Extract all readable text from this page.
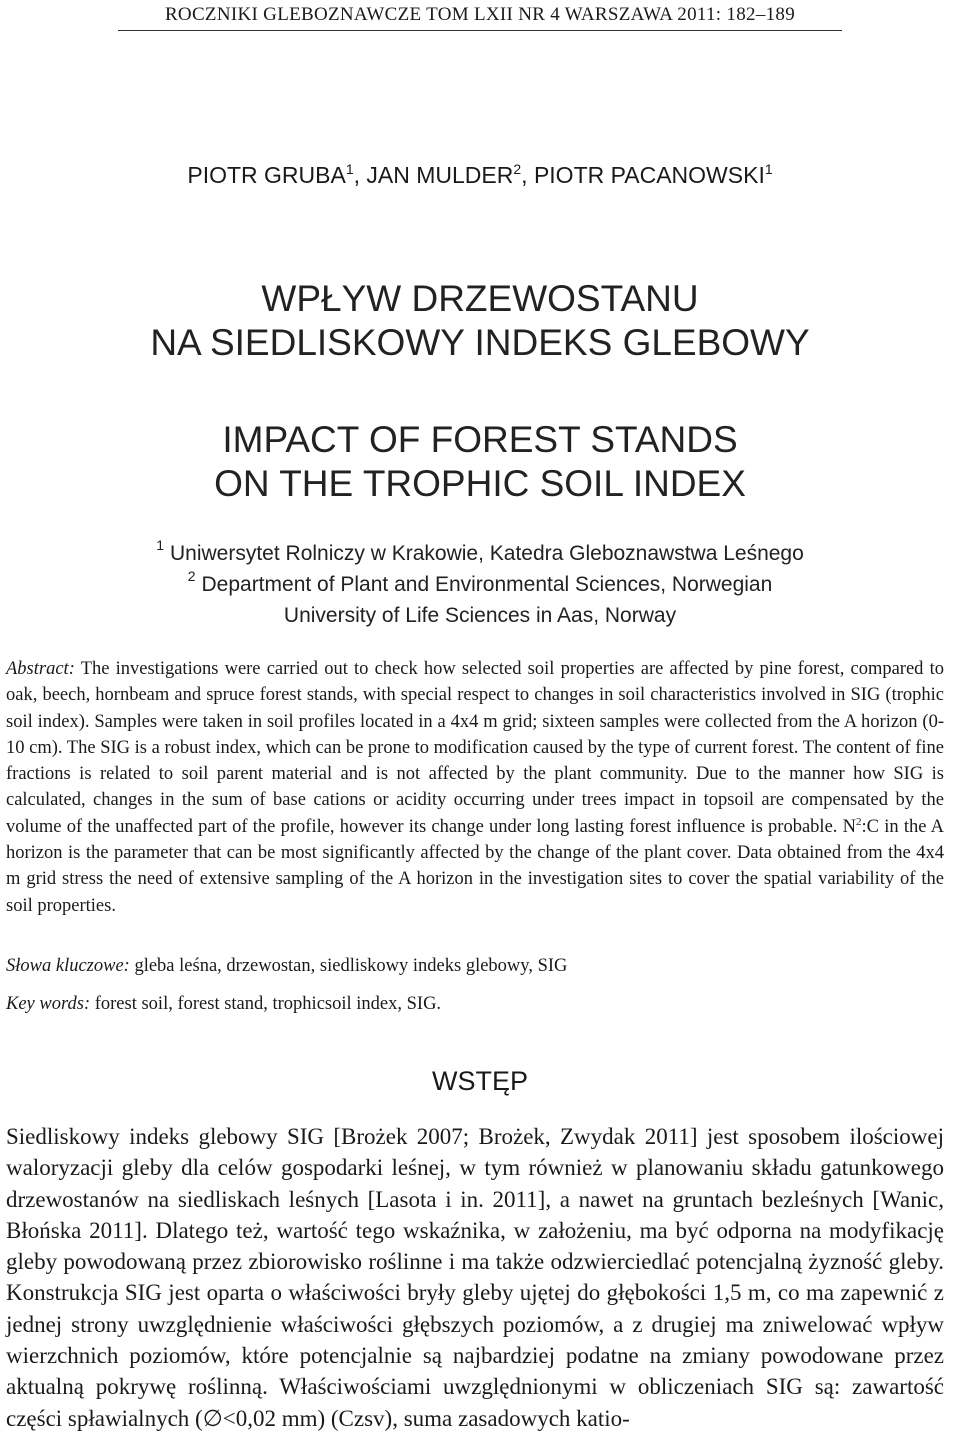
ROCZNIKI GLEBOZNAWCZE TOM LXII NR 4 WARSZAWA 2011: 182–189
PIOTR GRUBA$^1$, JAN MULDER$^2$, PIOTR PACANOWSKI$^1$
WPŁYW DRZEWOSTANU
NA SIEDLISKOWY INDEKS GLEBOWY
IMPACT OF FOREST STANDS
ON THE TROPHIC SOIL INDEX
$^1$ Uniwersytet Rolniczy w Krakowie, Katedra Gleboznawstwa Leśnego
$^2$ Department of Plant and Environmental Sciences, Norwegian University of Life Sciences in Aas, Norway
Abstract: The investigations were carried out to check how selected soil properties are affected by pine forest, compared to oak, beech, hornbeam and spruce forest stands, with special respect to changes in soil characteristics involved in SIG (trophic soil index). Samples were taken in soil profiles located in a 4x4 m grid; sixteen samples were collected from the A horizon (0-10 cm). The SIG is a robust index, which can be prone to modification caused by the type of current forest. The content of fine fractions is related to soil parent material and is not affected by the plant community. Due to the manner how SIG is calculated, changes in the sum of base cations or acidity occurring under trees impact in topsoil are compensated by the volume of the unaffected part of the profile, however its change under long lasting forest influence is probable. $N^2:C$ in the A horizon is the parameter that can be most significantly affected by the change of the plant cover. Data obtained from the 4x4 m grid stress the need of extensive sampling of the A horizon in the investigation sites to cover the spatial variability of the soil properties.
Słowa kluczowe: gleba leśna, drzewostan, siedliskowy indeks glebowy, SIG
Key words: forest soil, forest stand, trophicsoil index, SIG.
WSTĘP
Siedliskowy indeks glebowy SIG [Brożek 2007; Brożek, Zwydak 2011] jest sposobem ilościowej waloryzacji gleby dla celów gospodarki leśnej, w tym również w planowaniu składu gatunkowego drzewostanów na siedliskach leśnych [Lasota i in. 2011], a nawet na gruntach bezleśnych [Wanic, Błońska 2011]. Dlatego też, wartość tego wskaźnika, w założeniu, ma być odporna na modyfikację gleby powodowaną przez zbiorowisko roślinne i ma także odzwierciedlać potencjalną żyzność gleby. Konstrukcja SIG jest oparta o właściwości bryły gleby ujętej do głębokości 1,5 m, co ma zapewnić z jednej strony uwzględnienie właściwości głębszych poziomów, a z drugiej ma zniwelować wpływ wierzchnich poziomów, które potencjalnie są najbardziej podatne na zmiany powodowane przez aktualną pokrywę roślinną. Właściwościami uwzględnionymi w obliczeniach SIG są: zawartość części spławialnych (∅<0,02 mm) (Czsv), suma zasadowych katio-
